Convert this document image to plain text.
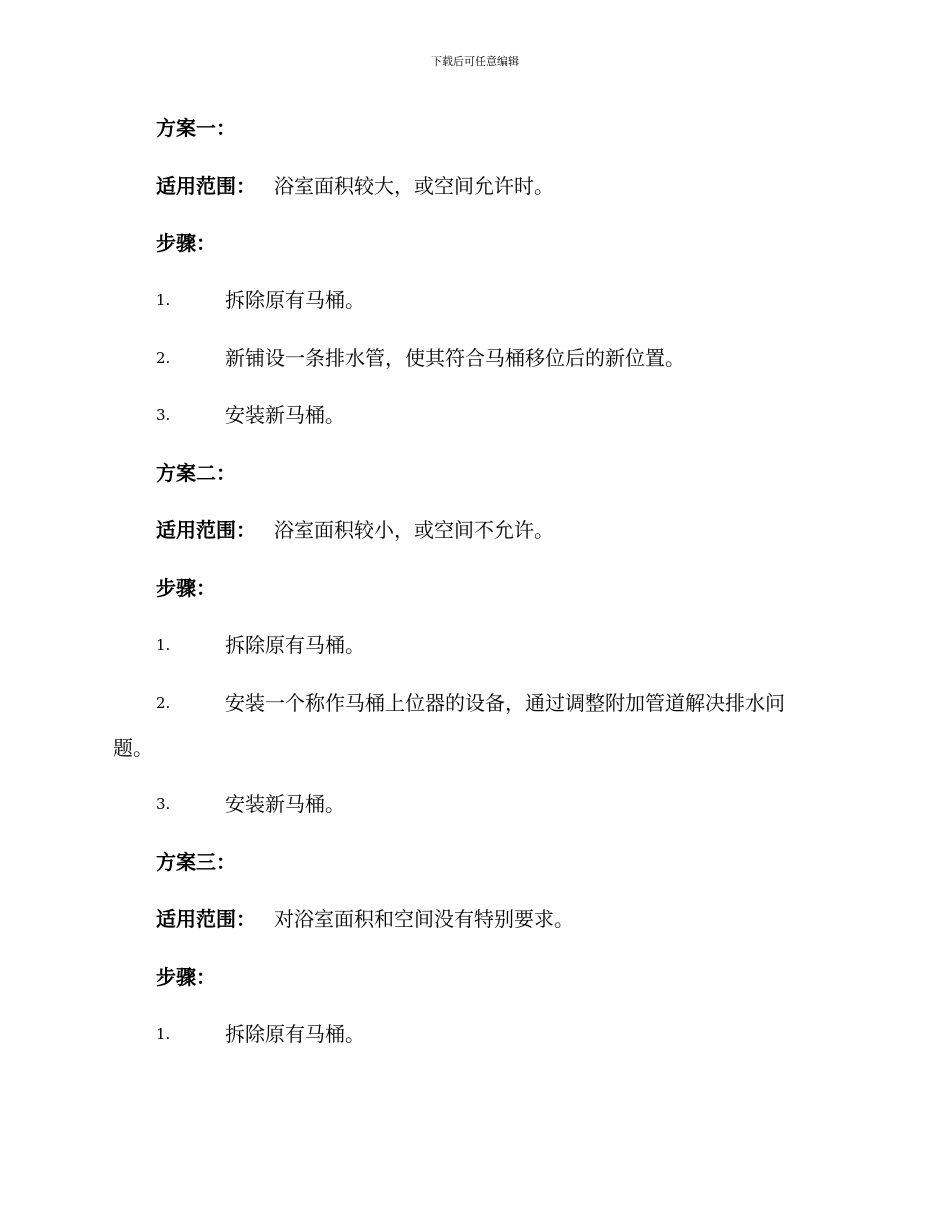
下载后可任意编辑
方案一：
适用范围： 浴室面积较大，或空间允许时。
步骤：
1.	拆除原有马桶。
2.	新铺设一条排水管，使其符合马桶移位后的新位置。
3.	安装新马桶。
方案二：
适用范围： 浴室面积较小，或空间不允许。
步骤：
1.	拆除原有马桶。
2.	安装一个称作马桶上位器的设备，通过调整附加管道解决排水问
题。
3.	安装新马桶。
方案三：
适用范围： 对浴室面积和空间没有特别要求。
步骤：
1.	拆除原有马桶。
